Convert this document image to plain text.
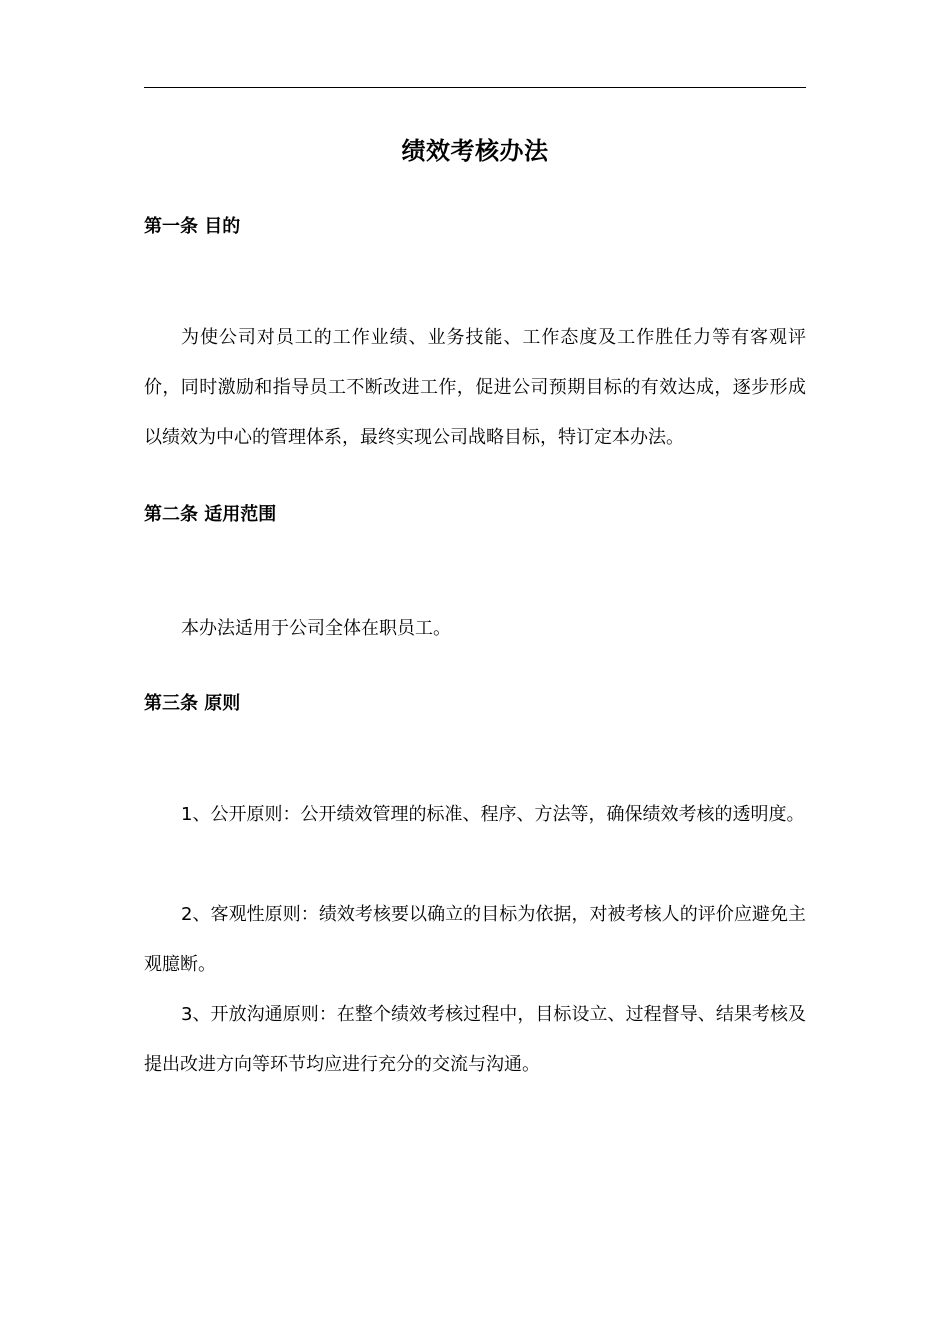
绩效考核办法
第一条 目的

为使公司对员工的工作业绩、业务技能、工作态度及工作胜任力等有客观评价，同时激励和指导员工不断改进工作，促进公司预期目标的有效达成，逐步形成以绩效为中心的管理体系，最终实现公司战略目标，特订定本办法。

第二条 适用范围

本办法适用于公司全体在职员工。

第三条 原则

1、公开原则：公开绩效管理的标准、程序、方法等，确保绩效考核的透明度。

2、客观性原则：绩效考核要以确立的目标为依据，对被考核人的评价应避免主观臆断。

3、开放沟通原则：在整个绩效考核过程中，目标设立、过程督导、结果考核及提出改进方向等环节均应进行充分的交流与沟通。
